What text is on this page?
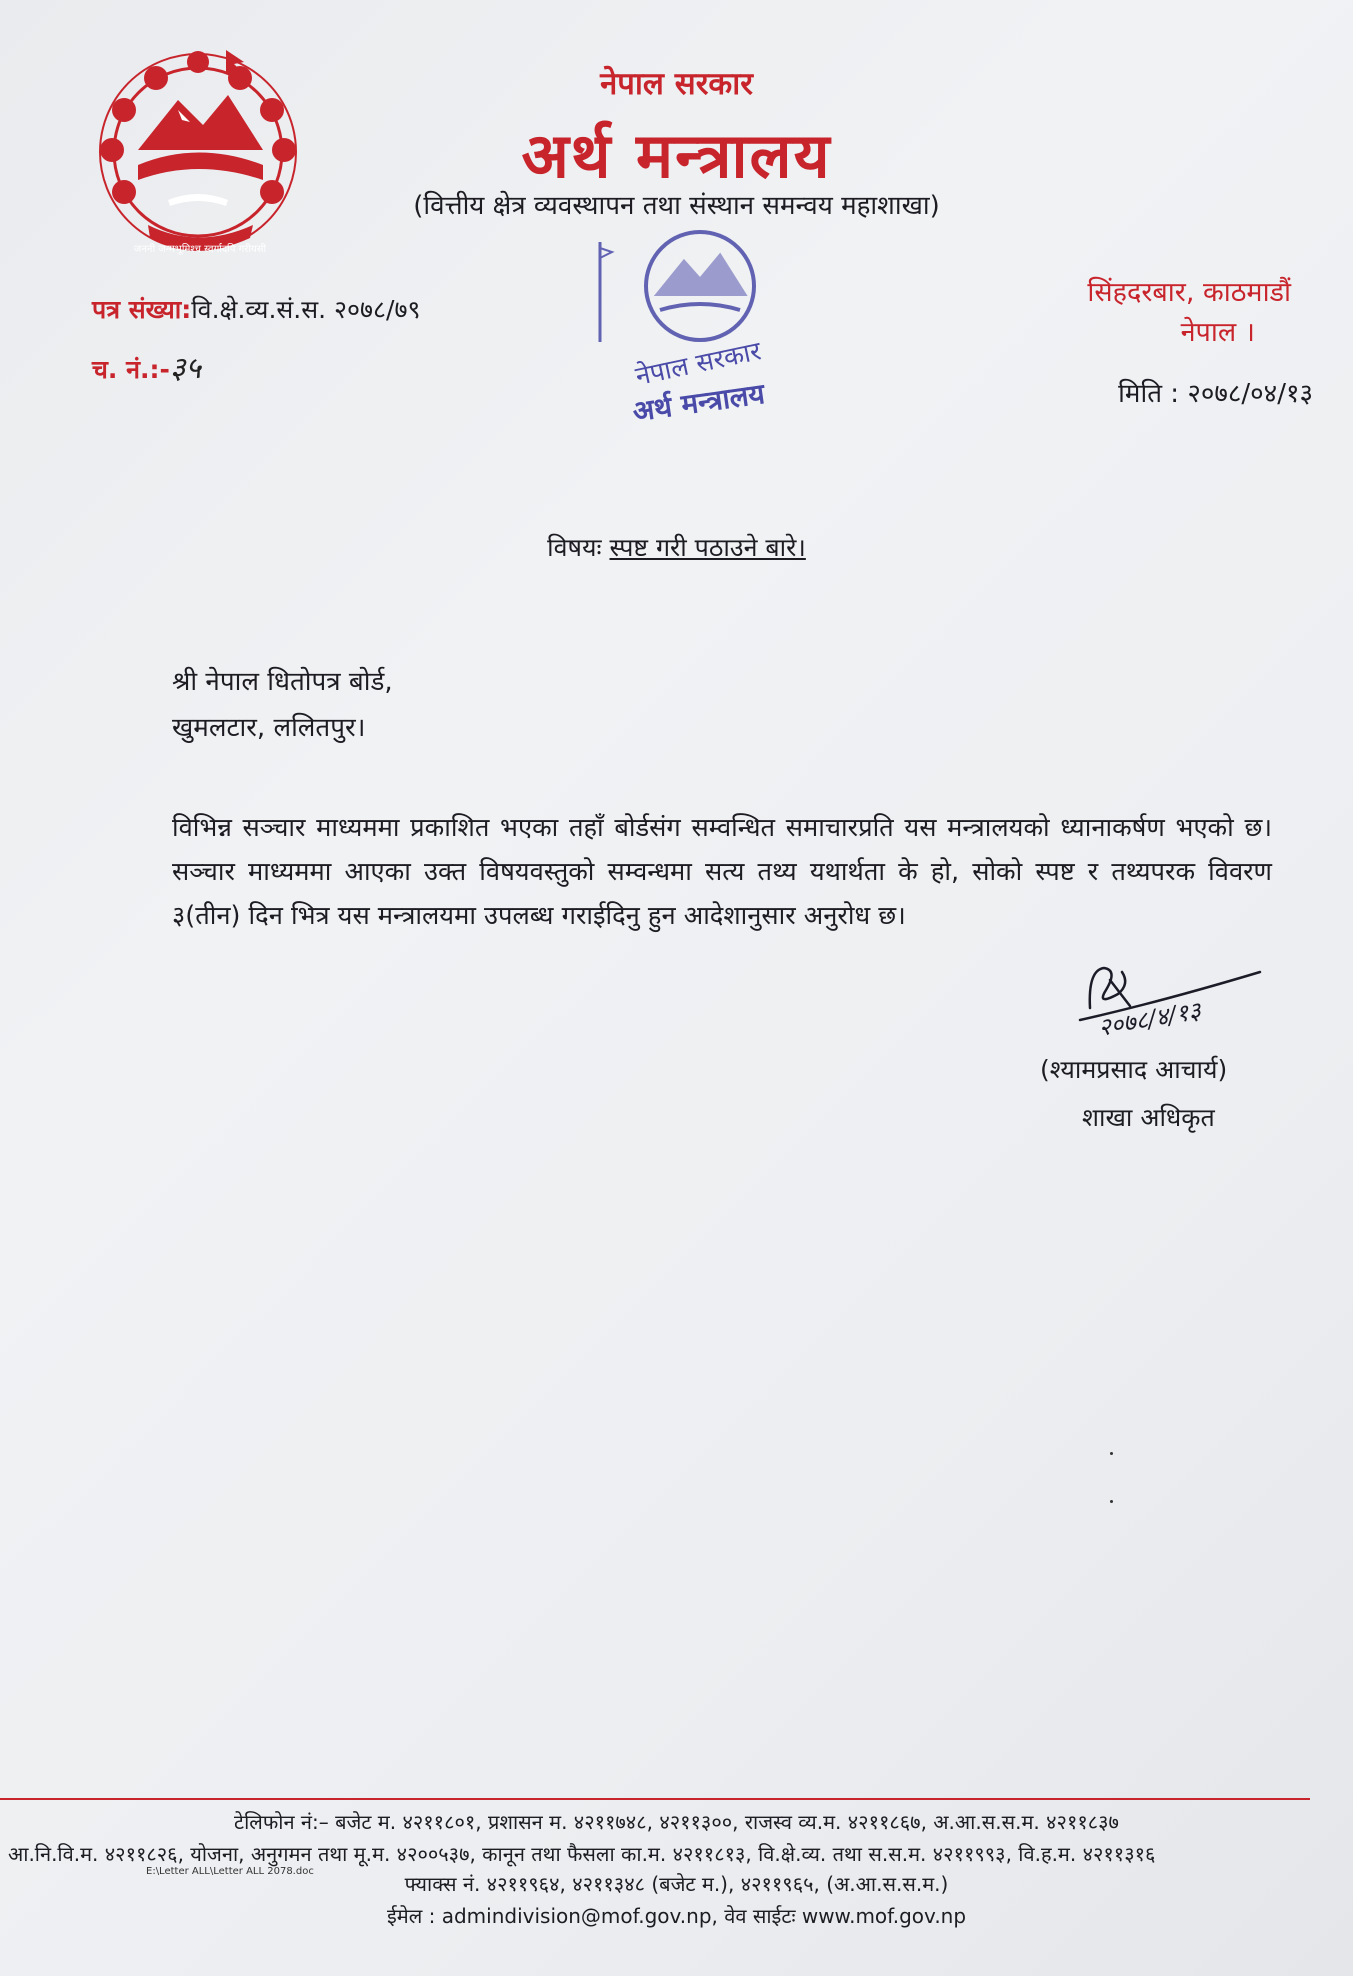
जननी जन्मभूमिश्च स्वर्गादपि गरीयसी
नेपाल सरकार
अर्थ मन्त्रालय
(वित्तीय क्षेत्र व्यवस्थापन तथा संस्थान समन्वय महाशाखा)
नेपाल सरकार
अर्थ मन्त्रालय
पत्र संख्या:वि.क्षे.व्य.सं.स. २०७८/७९
च. नं.:-३५
सिंहदरबार, काठमाडौं
नेपाल ।
मिति : २०७८/०४/१३
विषयः स्पष्ट गरी पठाउने बारे।
श्री नेपाल धितोपत्र बोर्ड,
खुमलटार, ललितपुर।
विभिन्न सञ्चार माध्यममा प्रकाशित भएका तहाँ बोर्डसंग सम्वन्धित समाचारप्रति यस मन्त्रालयको ध्यानाकर्षण भएको छ। सञ्चार माध्यममा आएका उक्त विषयवस्तुको सम्वन्धमा सत्य तथ्य यथार्थता के हो, सोको स्पष्ट र तथ्यपरक विवरण ३(तीन) दिन भित्र यस मन्त्रालयमा उपलब्ध गराईदिनु हुन आदेशानुसार अनुरोध छ।
२०७८/४/१३
(श्यामप्रसाद आचार्य)
शाखा अधिकृत
टेलिफोन नं:– बजेट म. ४२११८०१, प्रशासन म. ४२११७४८, ४२११३००, राजस्व व्य.म. ४२११८६७, अ.आ.स.स.म. ४२११८३७
आ.नि.वि.म. ४२११८२६, योजना, अनुगमन तथा मू.म. ४२००५३७, कानून तथा फैसला का.म. ४२११८१३, वि.क्षे.व्य. तथा स.स.म. ४२११९९३, वि.ह.म. ४२११३१६
E:\Letter ALL\Letter ALL 2078.doc
फ्याक्स नं. ४२११९६४, ४२११३४८ (बजेट म.), ४२११९६५, (अ.आ.स.स.म.)
ईमेल : admindivision@mof.gov.np, वेव साईटः www.mof.gov.np
